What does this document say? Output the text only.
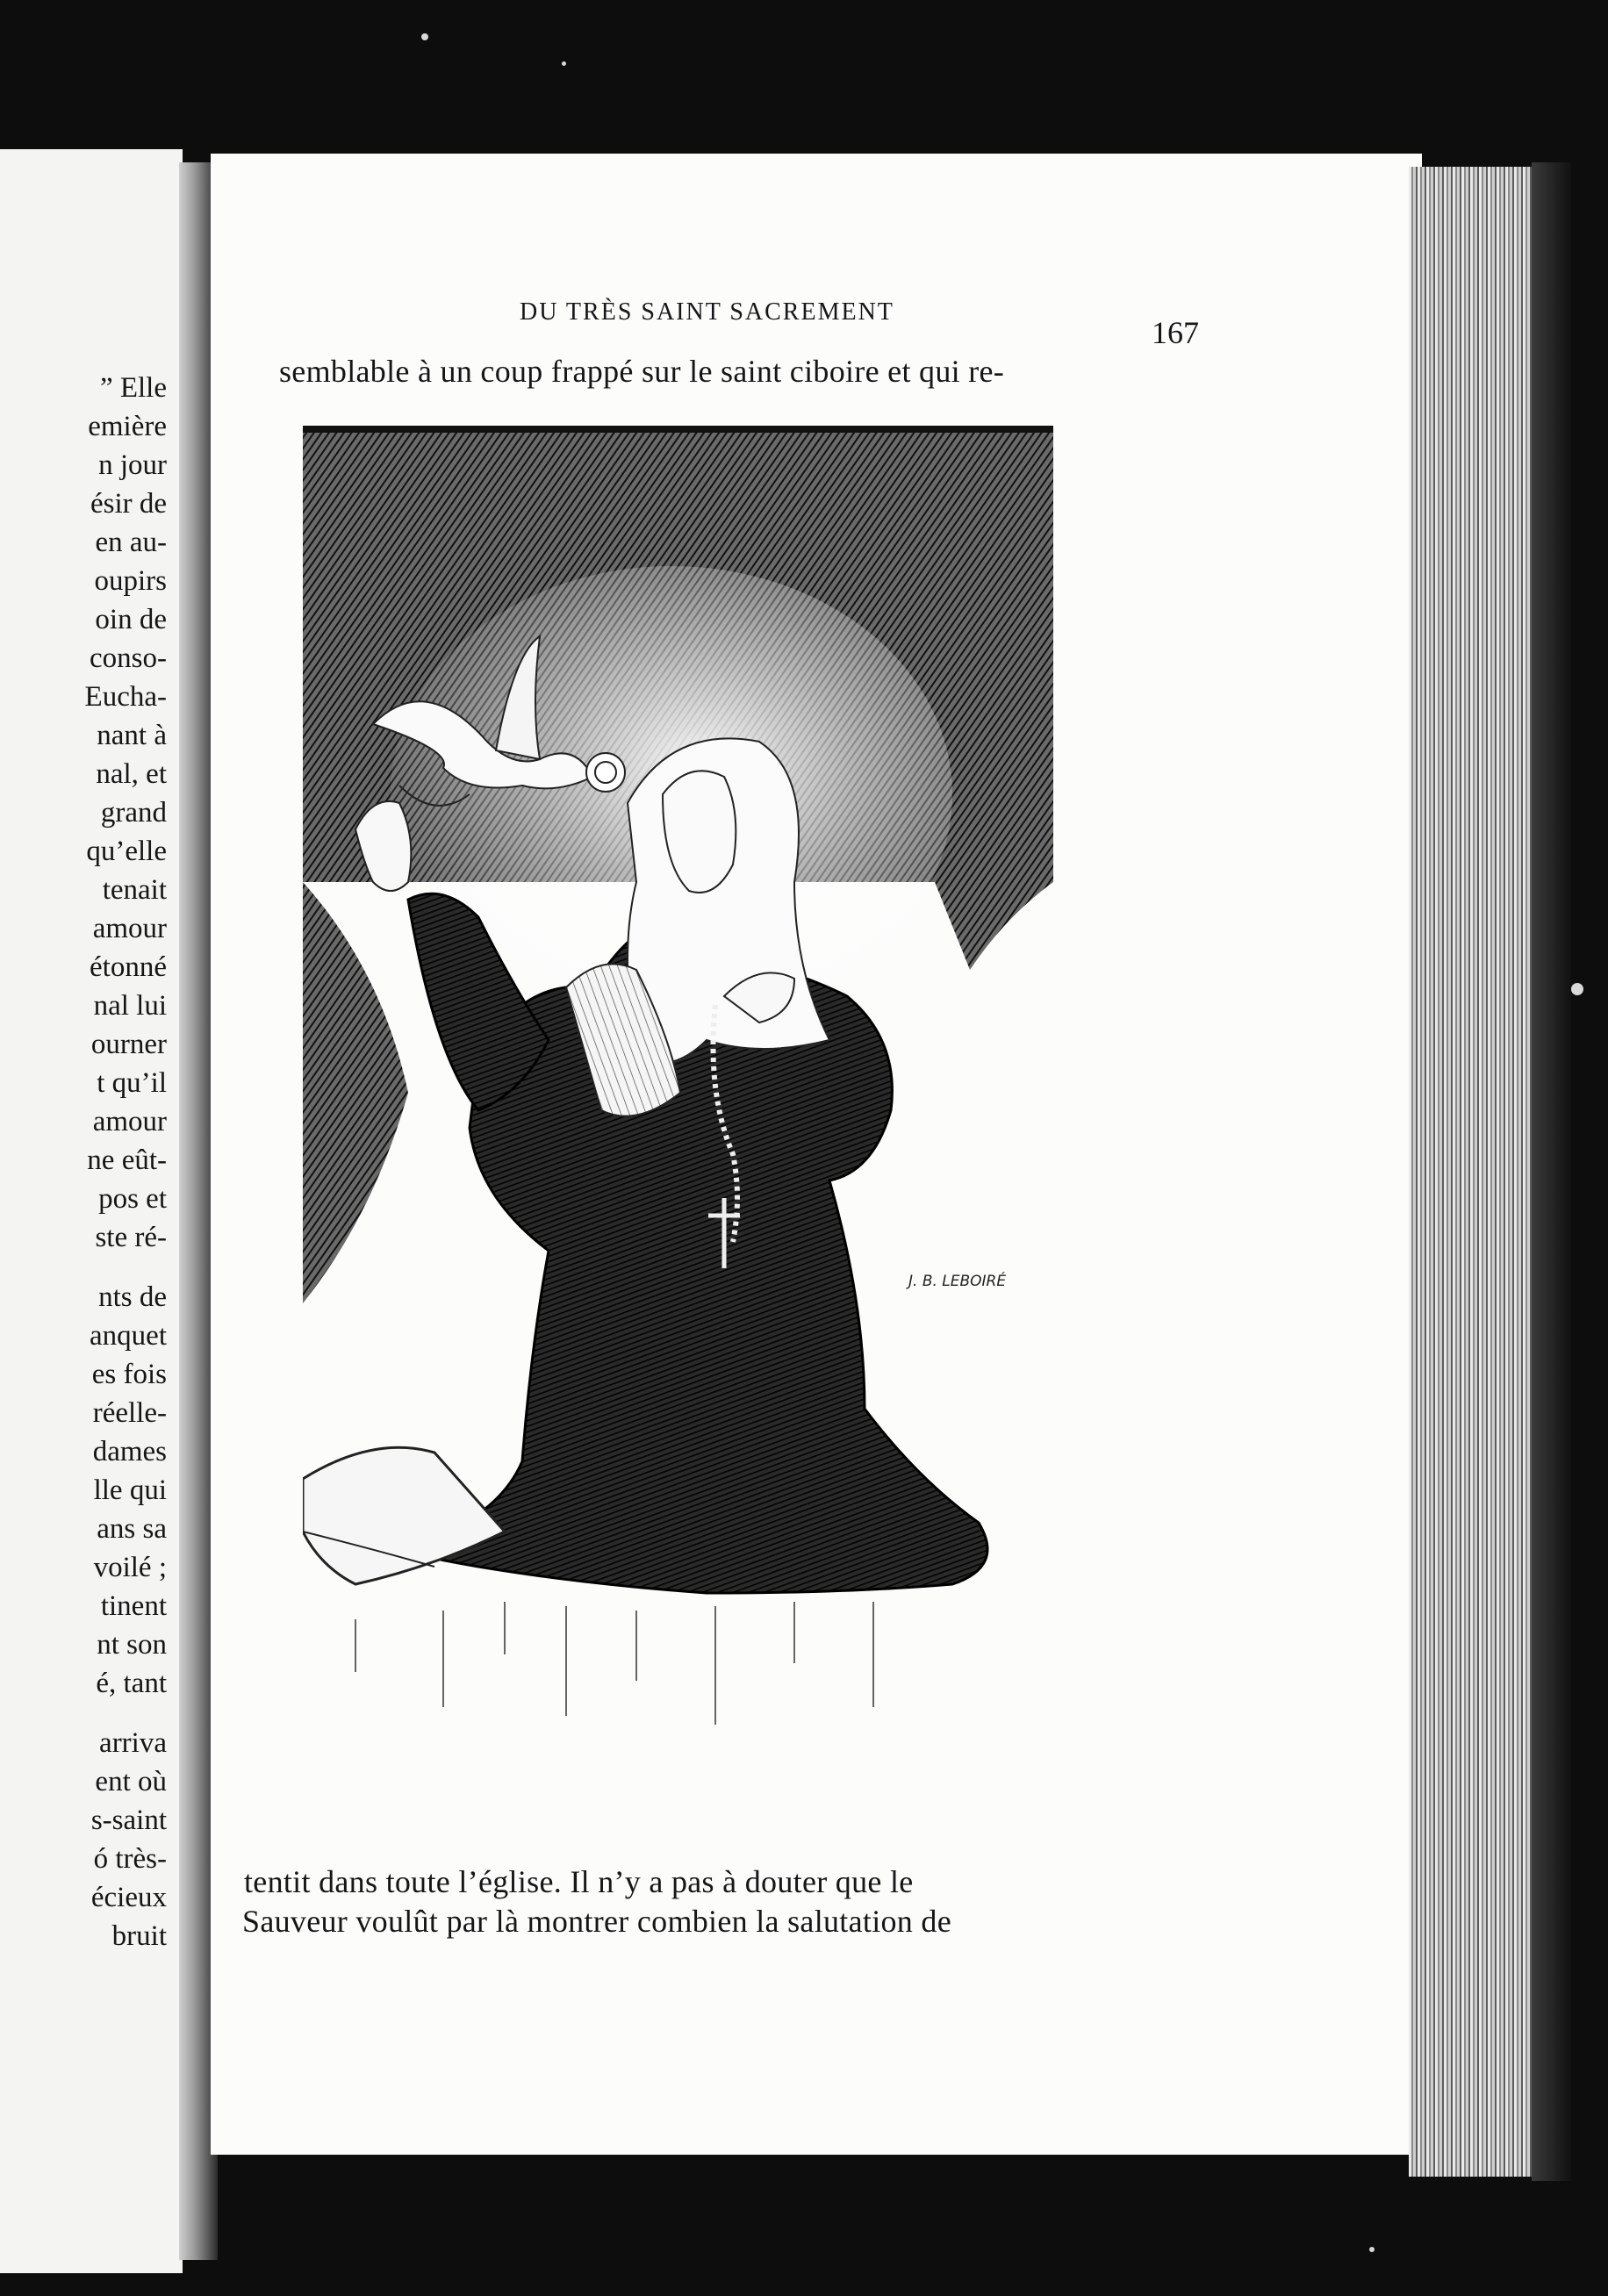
” Elle
emière
n jour
ésir de
en au-
oupirs
oin de
conso-
Eucha-
nant à
nal, et
grand
qu’elle
tenait
amour
étonné
nal lui
ourner
t qu’il
amour
ne eût-
pos et
ste ré-
nts de
anquet
es fois
réelle-
dames
lle qui
ans sa
voilé ;
tinent
nt son
é, tant
arriva
ent où
s-saint
ó très-
écieux
bruit
DU TRÈS SAINT SACREMENT
167
semblable à un coup frappé sur le saint ciboire et qui re-
J. B. LEBOIRÉ
tentit dans toute l’église. Il n’y a pas à douter que le
Sauveur voulût par là montrer combien la salutation de
